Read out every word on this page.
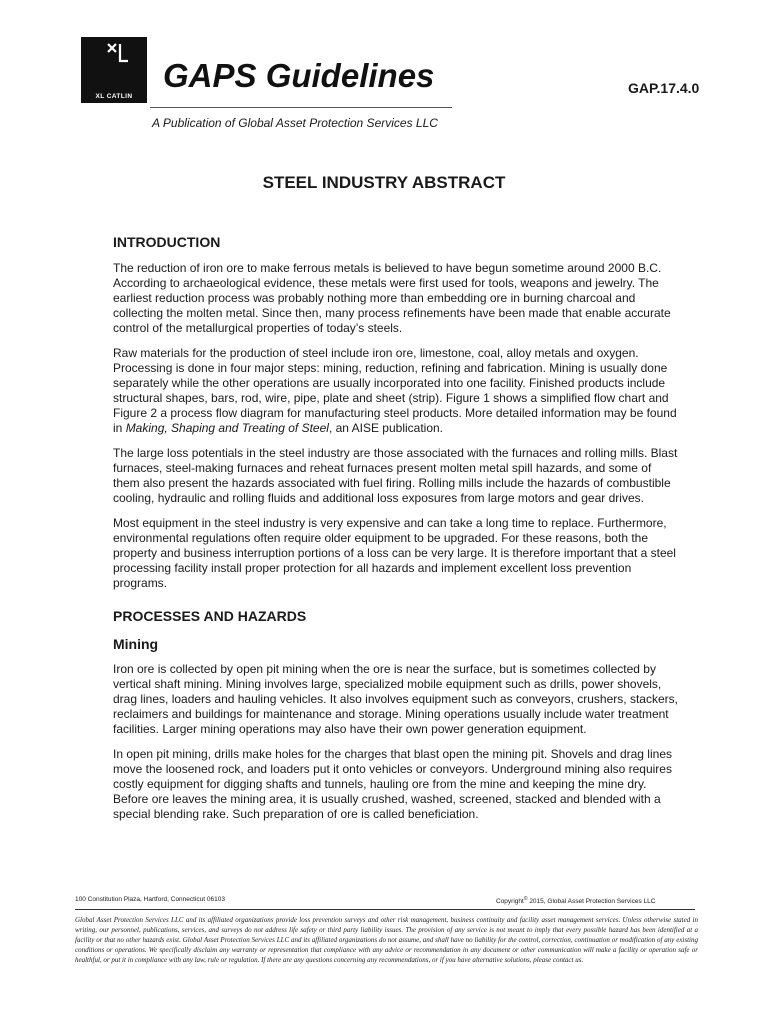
XL CATLIN
GAPS Guidelines	GAP.17.4.0
A Publication of Global Asset Protection Services LLC
STEEL INDUSTRY ABSTRACT
INTRODUCTION

The reduction of iron ore to make ferrous metals is believed to have begun sometime around 2000 B.C. According to archaeological evidence, these metals were first used for tools, weapons and jewelry. The earliest reduction process was probably nothing more than embedding ore in burning charcoal and collecting the molten metal. Since then, many process refinements have been made that enable accurate control of the metallurgical properties of today’s steels.

Raw materials for the production of steel include iron ore, limestone, coal, alloy metals and oxygen. Processing is done in four major steps: mining, reduction, refining and fabrication. Mining is usually done separately while the other operations are usually incorporated into one facility. Finished products include structural shapes, bars, rod, wire, pipe, plate and sheet (strip). Figure 1 shows a simplified flow chart and Figure 2 a process flow diagram for manufacturing steel products. More detailed information may be found in Making, Shaping and Treating of Steel, an AISE publication.

The large loss potentials in the steel industry are those associated with the furnaces and rolling mills. Blast furnaces, steel-making furnaces and reheat furnaces present molten metal spill hazards, and some of them also present the hazards associated with fuel firing. Rolling mills include the hazards of combustible cooling, hydraulic and rolling fluids and additional loss exposures from large motors and gear drives.

Most equipment in the steel industry is very expensive and can take a long time to replace. Furthermore, environmental regulations often require older equipment to be upgraded. For these reasons, both the property and business interruption portions of a loss can be very large. It is therefore important that a steel processing facility install proper protection for all hazards and implement excellent loss prevention programs.

PROCESSES AND HAZARDS
Mining

Iron ore is collected by open pit mining when the ore is near the surface, but is sometimes collected by vertical shaft mining. Mining involves large, specialized mobile equipment such as drills, power shovels, drag lines, loaders and hauling vehicles. It also involves equipment such as conveyors, crushers, stackers, reclaimers and buildings for maintenance and storage. Mining operations usually include water treatment facilities. Larger mining operations may also have their own power generation equipment.

In open pit mining, drills make holes for the charges that blast open the mining pit. Shovels and drag lines move the loosened rock, and loaders put it onto vehicles or conveyors. Underground mining also requires costly equipment for digging shafts and tunnels, hauling ore from the mine and keeping the mine dry. Before ore leaves the mining area, it is usually crushed, washed, screened, stacked and blended with a special blending rake. Such preparation of ore is called beneficiation.

100 Constitution Plaza, Hartford, Connecticut 06103	Copyright© 2015, Global Asset Protection Services LLC

Global Asset Protection Services LLC and its affiliated organizations provide loss prevention surveys and other risk management, business continuity and facility asset management services. Unless otherwise stated in writing, our personnel, publications, services, and surveys do not address life safety or third party liability issues. The provision of any service is not meant to imply that every possible hazard has been identified at a facility or that no other hazards exist. Global Asset Protection Services LLC and its affiliated organizations do not assume, and shall have no liability for the control, correction, continuation or modification of any existing conditions or operations. We specifically disclaim any warranty or representation that compliance with any advice or recommendation in any document or other communication will make a facility or operation safe or healthful, or put it in compliance with any law, rule or regulation. If there are any questions concerning any recommendations, or if you have alternative solutions, please contact us.
